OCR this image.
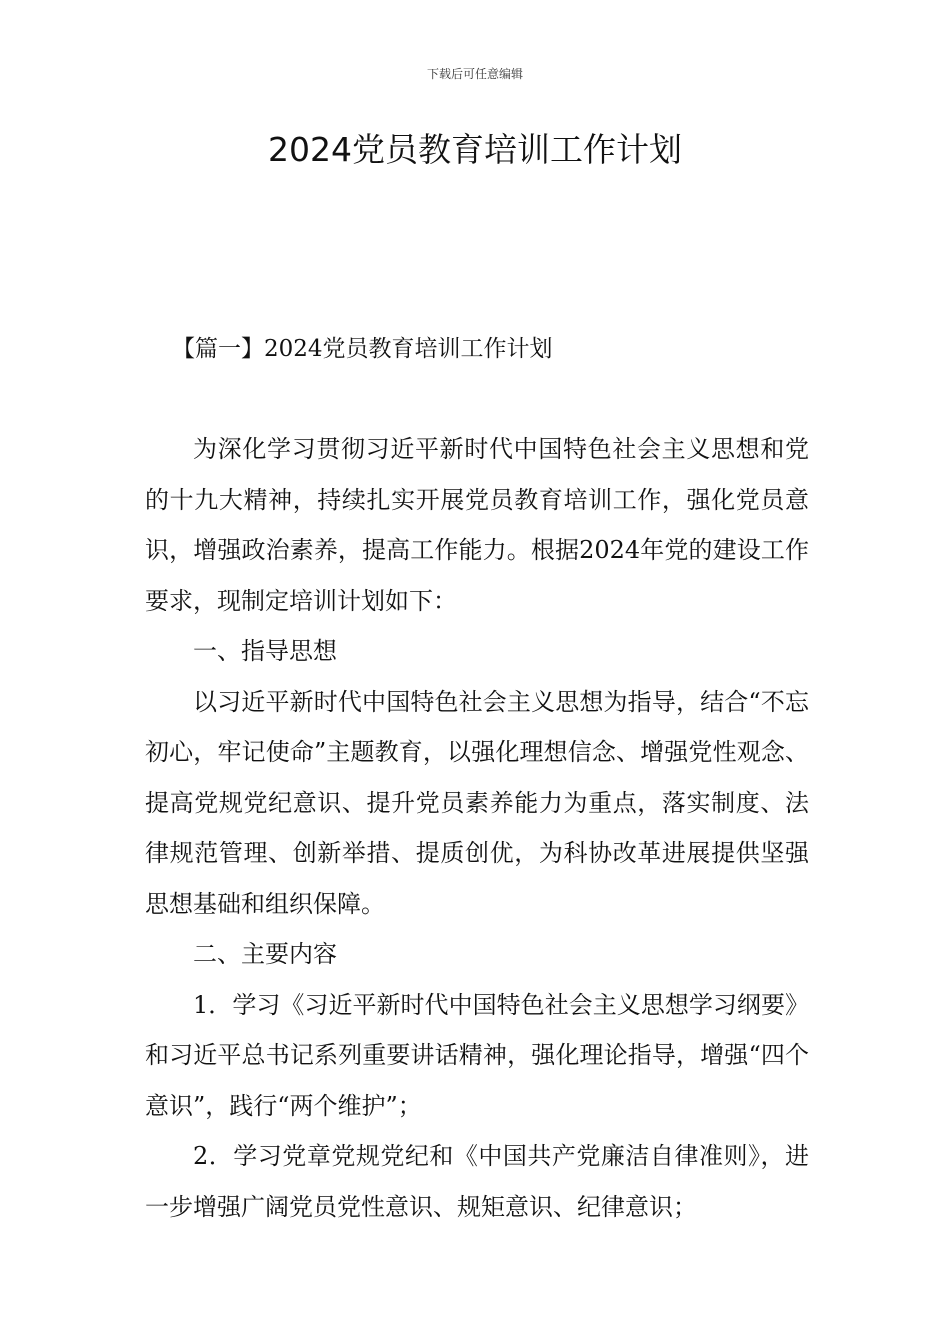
下载后可任意编辑
2024党员教育培训工作计划
【篇一】2024党员教育培训工作计划

为深化学习贯彻习近平新时代中国特色社会主义思想和党的十九大精神，持续扎实开展党员教育培训工作，强化党员意识，增强政治素养，提高工作能力。根据2024年党的建设工作要求，现制定培训计划如下：

一、指导思想

以习近平新时代中国特色社会主义思想为指导，结合“不忘初心，牢记使命”主题教育，以强化理想信念、增强党性观念、提高党规党纪意识、提升党员素养能力为重点，落实制度、法律规范管理、创新举措、提质创优，为科协改革进展提供坚强思想基础和组织保障。

二、主要内容

1．学习《习近平新时代中国特色社会主义思想学习纲要》和习近平总书记系列重要讲话精神，强化理论指导，增强“四个意识”，践行“两个维护”；

2．学习党章党规党纪和《中国共产党廉洁自律准则》，进一步增强广阔党员党性意识、规矩意识、纪律意识；
